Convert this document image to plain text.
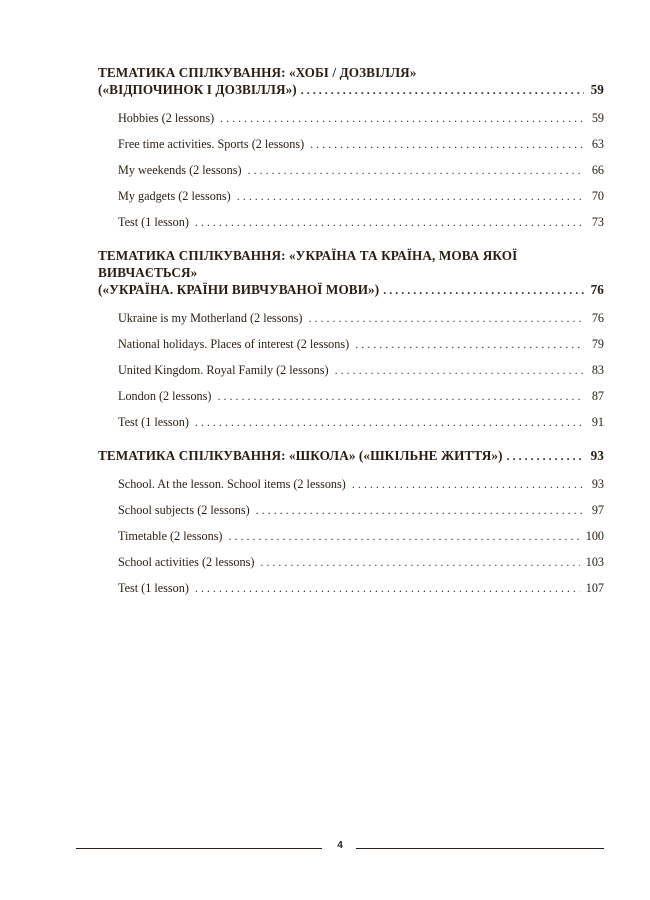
ТЕМАТИКА СПІЛКУВАННЯ: «ХОБІ / ДОЗВІЛЛЯ»
(«ВІДПОЧИНОК І ДОЗВІЛЛЯ») . . .	59
Hobbies (2 lessons) . . .	59
Free time activities. Sports (2 lessons) . . .	63
My weekends (2 lessons) . . .	66
My gadgets (2 lessons) . . .	70
Test (1 lesson) . . .	73
ТЕМАТИКА СПІЛКУВАННЯ: «УКРАЇНА ТА КРАЇНА, МОВА ЯКОЇ ВИВЧАЄТЬСЯ»
(«УКРАЇНА. КРАЇНИ ВИВЧУВАНОЇ МОВИ») . . .	76
Ukraine is my Motherland (2 lessons) . . .	76
National holidays. Places of interest (2 lessons) . . .	79
United Kingdom. Royal Family (2 lessons) . . .	83
London (2 lessons) . . .	87
Test (1 lesson) . . .	91
ТЕМАТИКА СПІЛКУВАННЯ: «ШКОЛА» («ШКІЛЬНЕ ЖИТТЯ») . . .	93
School. At the lesson. School items (2 lessons) . . .	93
School subjects (2 lessons) . . .	97
Timetable (2 lessons) . . .	100
School activities (2 lessons) . . .	103
Test (1 lesson) . . .	107
4
